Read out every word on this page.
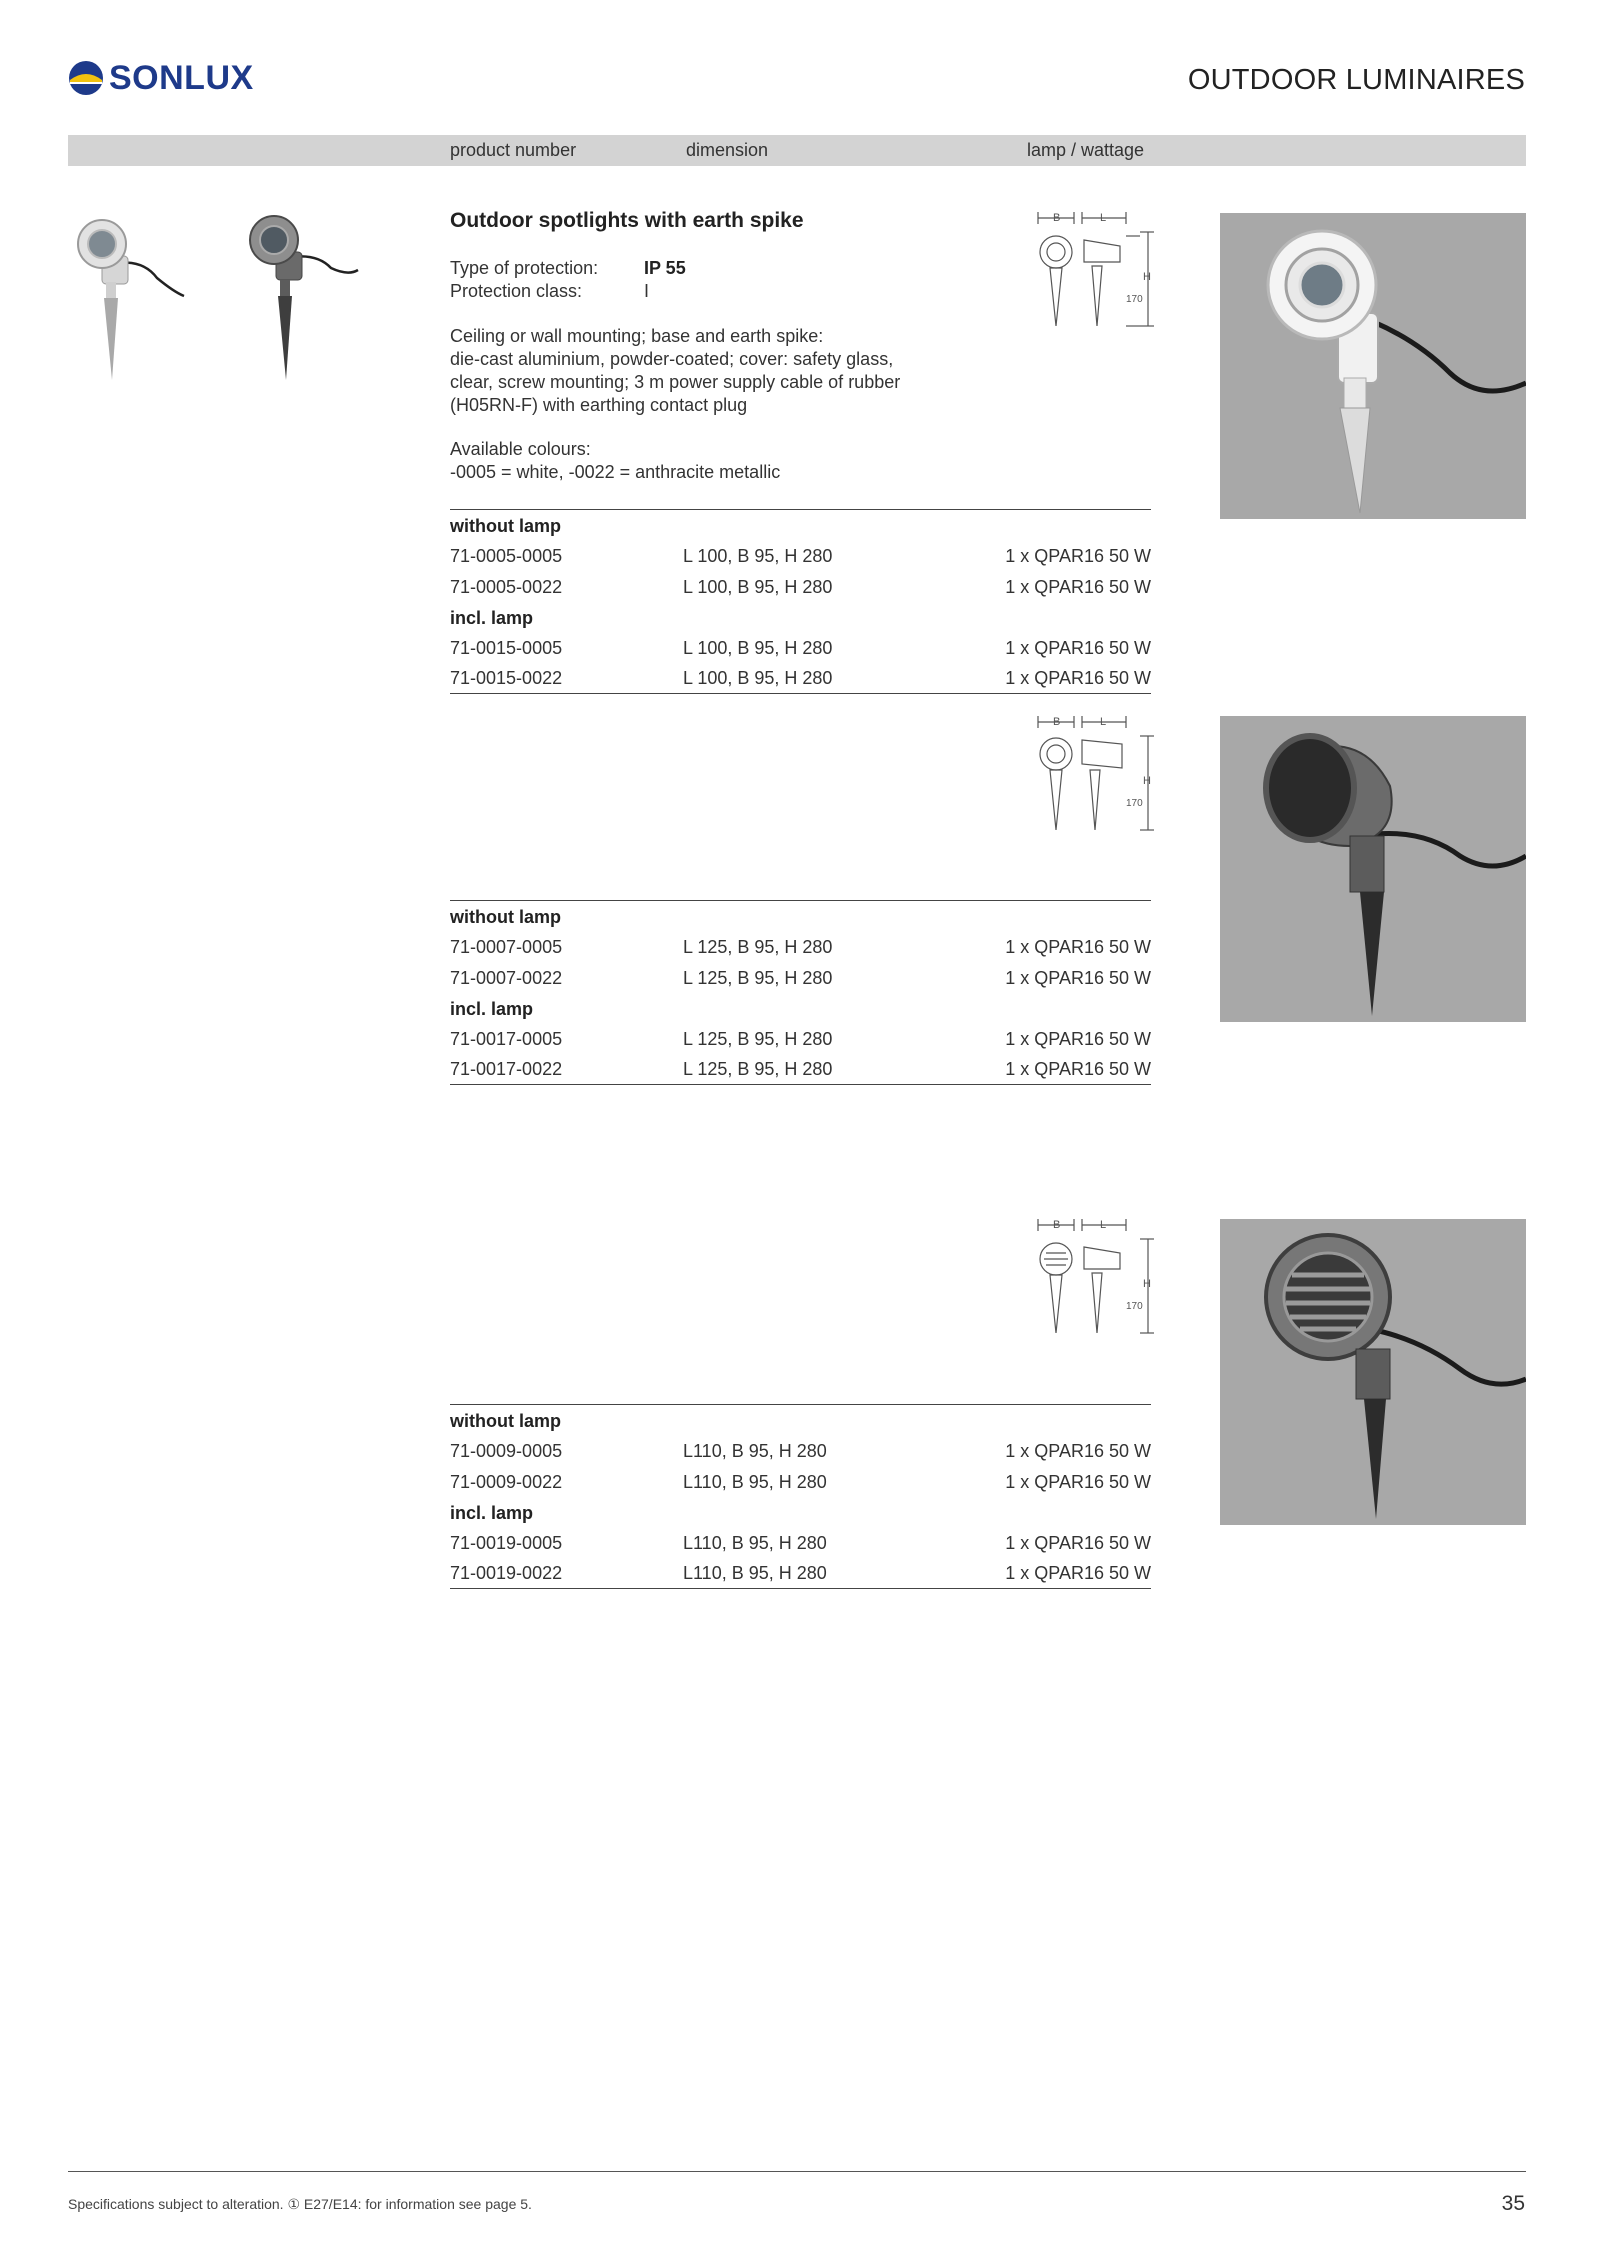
SONLUX	OUTDOOR LUMINAIRES
product number	dimension	lamp / wattage
Outdoor spotlights with earth spike
Type of protection:	IP 55
Protection class:	I
Ceiling or wall mounting; base and earth spike:
die-cast aluminium, powder-coated; cover: safety glass,
clear, screw mounting; 3 m power supply cable of rubber
(H05RN-F) with earthing contact plug
Available colours:
-0005 = white, -0022 = anthracite metallic
B	L
H
170
B	L
H
170
B	L
H
170
without lamp
71-0005-0005	L 100, B 95, H 280	1 x QPAR16 50 W
71-0005-0022	L 100, B 95, H 280	1 x QPAR16 50 W
incl. lamp
71-0015-0005	L 100, B 95, H 280	1 x QPAR16 50 W
71-0015-0022	L 100, B 95, H 280	1 x QPAR16 50 W
without lamp
71-0007-0005	L 125, B 95, H 280	1 x QPAR16 50 W
71-0007-0022	L 125, B 95, H 280	1 x QPAR16 50 W
incl. lamp
71-0017-0005	L 125, B 95, H 280	1 x QPAR16 50 W
71-0017-0022	L 125, B 95, H 280	1 x QPAR16 50 W
without lamp
71-0009-0005	L110, B 95, H 280	1 x QPAR16 50 W
71-0009-0022	L110, B 95, H 280	1 x QPAR16 50 W
incl. lamp
71-0019-0005	L110, B 95, H 280	1 x QPAR16 50 W
71-0019-0022	L110, B 95, H 280	1 x QPAR16 50 W
Specifications subject to alteration. ① E27/E14: for information see page 5.	35
